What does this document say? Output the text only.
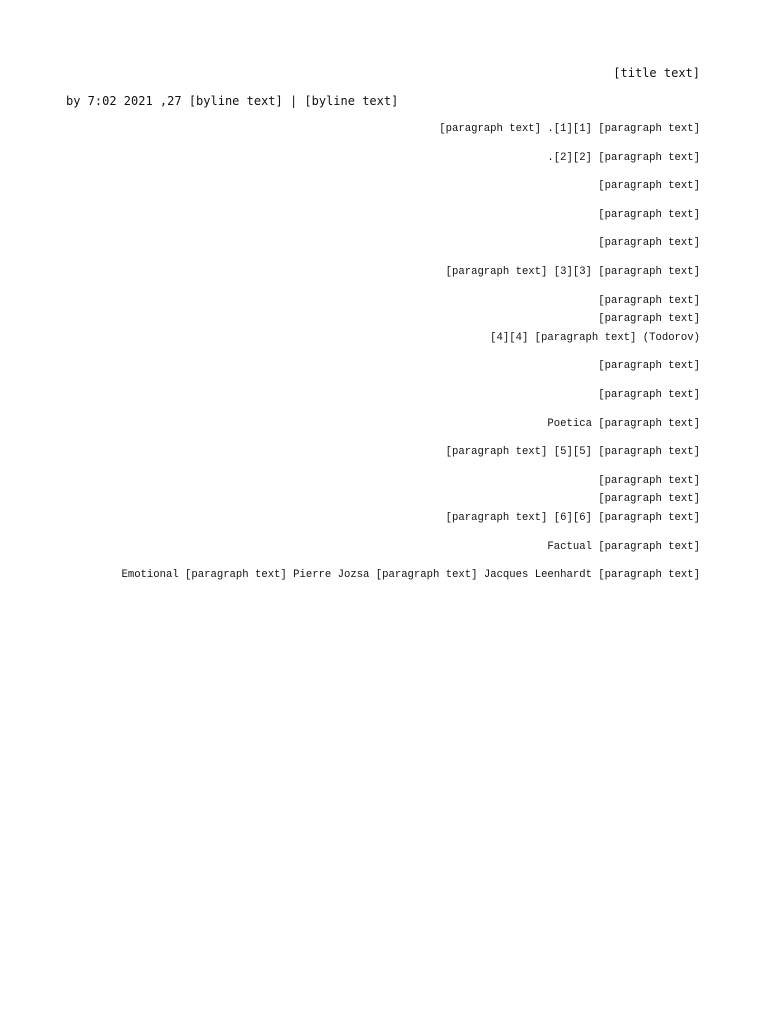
[title text]
by 7:02 2021 ,27 [byline text] | [byline text]

[paragraph text] [1][1]. [paragraph text]

[paragraph text] [2][2].

[paragraph text]

[paragraph text]

[paragraph text]

[paragraph text] [3][3] [paragraph text]

[paragraph text]

[paragraph text]

(Todorov) [paragraph text] [4][4]

[paragraph text]

[paragraph text]

Poetica [paragraph text]

[paragraph text] [5][5] [paragraph text]

[paragraph text]

[paragraph text]

[paragraph text] [6][6] [paragraph text]

Factual [paragraph text]

Emotional [paragraph text] Pierre Jozsa [paragraph text] Jacques Leenhardt [paragraph text]
